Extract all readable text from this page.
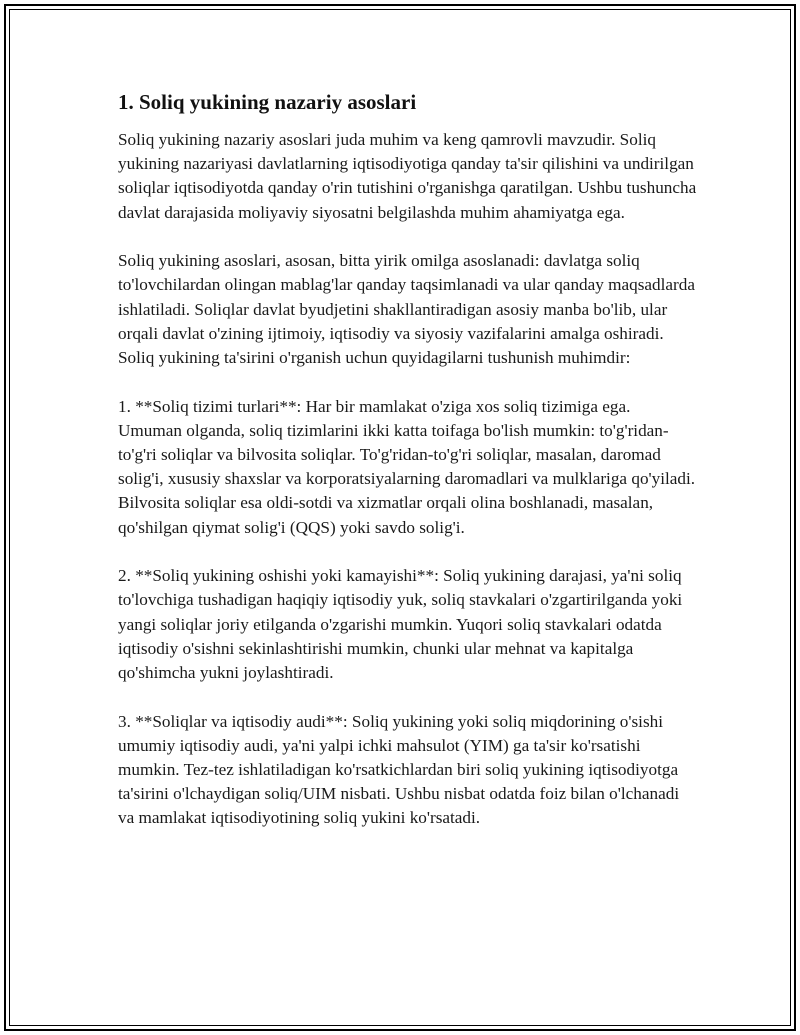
1. Soliq yukining nazariy asoslari

Soliq yukining nazariy asoslari juda muhim va keng qamrovli mavzudir. Soliq yukining nazariyasi davlatlarning iqtisodiyotiga qanday ta'sir qilishini va undirilgan soliqlar iqtisodiyotda qanday o'rin tutishini o'rganishga qaratilgan. Ushbu tushuncha davlat darajasida moliyaviy siyosatni belgilashda muhim ahamiyatga ega.

Soliq yukining asoslari, asosan, bitta yirik omilga asoslanadi: davlatga soliq to'lovchilardan olingan mablag'lar qanday taqsimlanadi va ular qanday maqsadlarda ishlatiladi. Soliqlar davlat byudjetini shakllantiradigan asosiy manba bo'lib, ular orqali davlat o'zining ijtimoiy, iqtisodiy va siyosiy vazifalarini amalga oshiradi. Soliq yukining ta'sirini o'rganish uchun quyidagilarni tushunish muhimdir:

1. **Soliq tizimi turlari**: Har bir mamlakat o'ziga xos soliq tizimiga ega. Umuman olganda, soliq tizimlarini ikki katta toifaga bo'lish mumkin: to'g'ridan-to'g'ri soliqlar va bilvosita soliqlar. To'g'ridan-to'g'ri soliqlar, masalan, daromad solig'i, xususiy shaxslar va korporatsiyalarning daromadlari va mulklariga qo'yiladi. Bilvosita soliqlar esa oldi-sotdi va xizmatlar orqali olina boshlanadi, masalan, qo'shilgan qiymat solig'i (QQS) yoki savdo solig'i.

2. **Soliq yukining oshishi yoki kamayishi**: Soliq yukining darajasi, ya'ni soliq to'lovchiga tushadigan haqiqiy iqtisodiy yuk, soliq stavkalari o'zgartirilganda yoki yangi soliqlar joriy etilganda o'zgarishi mumkin. Yuqori soliq stavkalari odatda iqtisodiy o'sishni sekinlashtirishi mumkin, chunki ular mehnat va kapitalga qo'shimcha yukni joylashtiradi.

3. **Soliqlar va iqtisodiy audi**: Soliq yukining yoki soliq miqdorining o'sishi umumiy iqtisodiy audi, ya'ni yalpi ichki mahsulot (YIM) ga ta'sir ko'rsatishi mumkin. Tez-tez ishlatiladigan ko'rsatkichlardan biri soliq yukining iqtisodiyotga ta'sirini o'lchaydigan soliq/UIM nisbati. Ushbu nisbat odatda foiz bilan o'lchanadi va mamlakat iqtisodiyotining soliq yukini ko'rsatadi.
